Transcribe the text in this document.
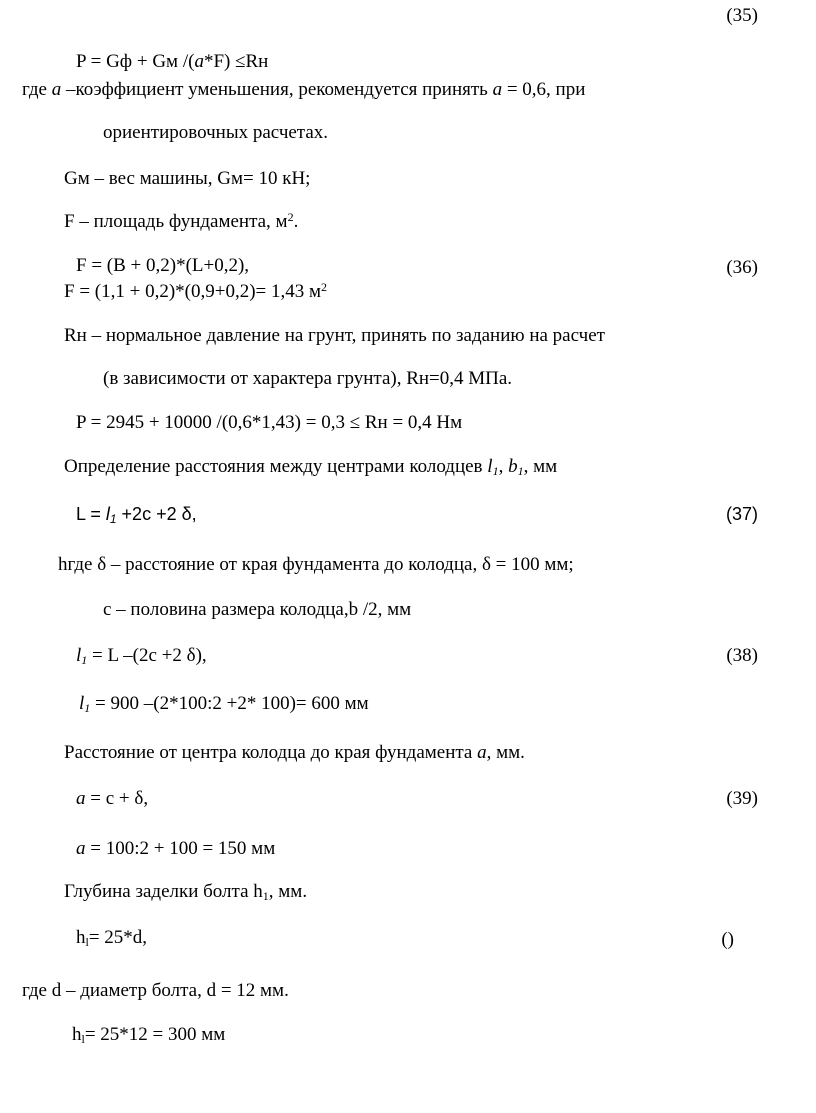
(35)
(36)
(37)
(38)
(39)
()
P = Gф + Gм /(a*F) ≤Rн
где a –коэффициент уменьшения, рекомендуется принять a = 0,6, при
ориентировочных расчетах.
Gм – вес машины, Gм= 10 кН;
F – площадь фундамента, $м^2$.
F = (B + 0,2)*(L+0,2),
F = (1,1 + 0,2)*(0,9+0,2)= 1,43 $м^2$
Rн – нормальное давление на грунт, принять по заданию на расчет
(в зависимости от характера грунта), Rн=0,4 МПа.
P = 2945 + 10000 /(0,6*1,43) = 0,3 ≤ Rн = 0,4 Нм
Определение расстояния между центрами колодцев $l_1$, $b_1$, мм
$L = l_1 +2c +2$ δ,
hгде δ – расстояние от края фундамента до колодца, δ = 100 мм;
c – половина размера колодца,b /2, мм
$l_1 = L$ –(2c +2 δ),
$l_1 = 900$ –(2*100:2 +2* 100)= 600 мм
Расстояние от центра колодца до края фундамента a, мм.
a = c + δ,
a = 100:2 + 100 = 150 мм
Глубина заделки болта $h_1$, мм.
$h_l= 25*d$,
где d – диаметр болта, d = 12 мм.
$h_l= 25*12 = 300$ мм
